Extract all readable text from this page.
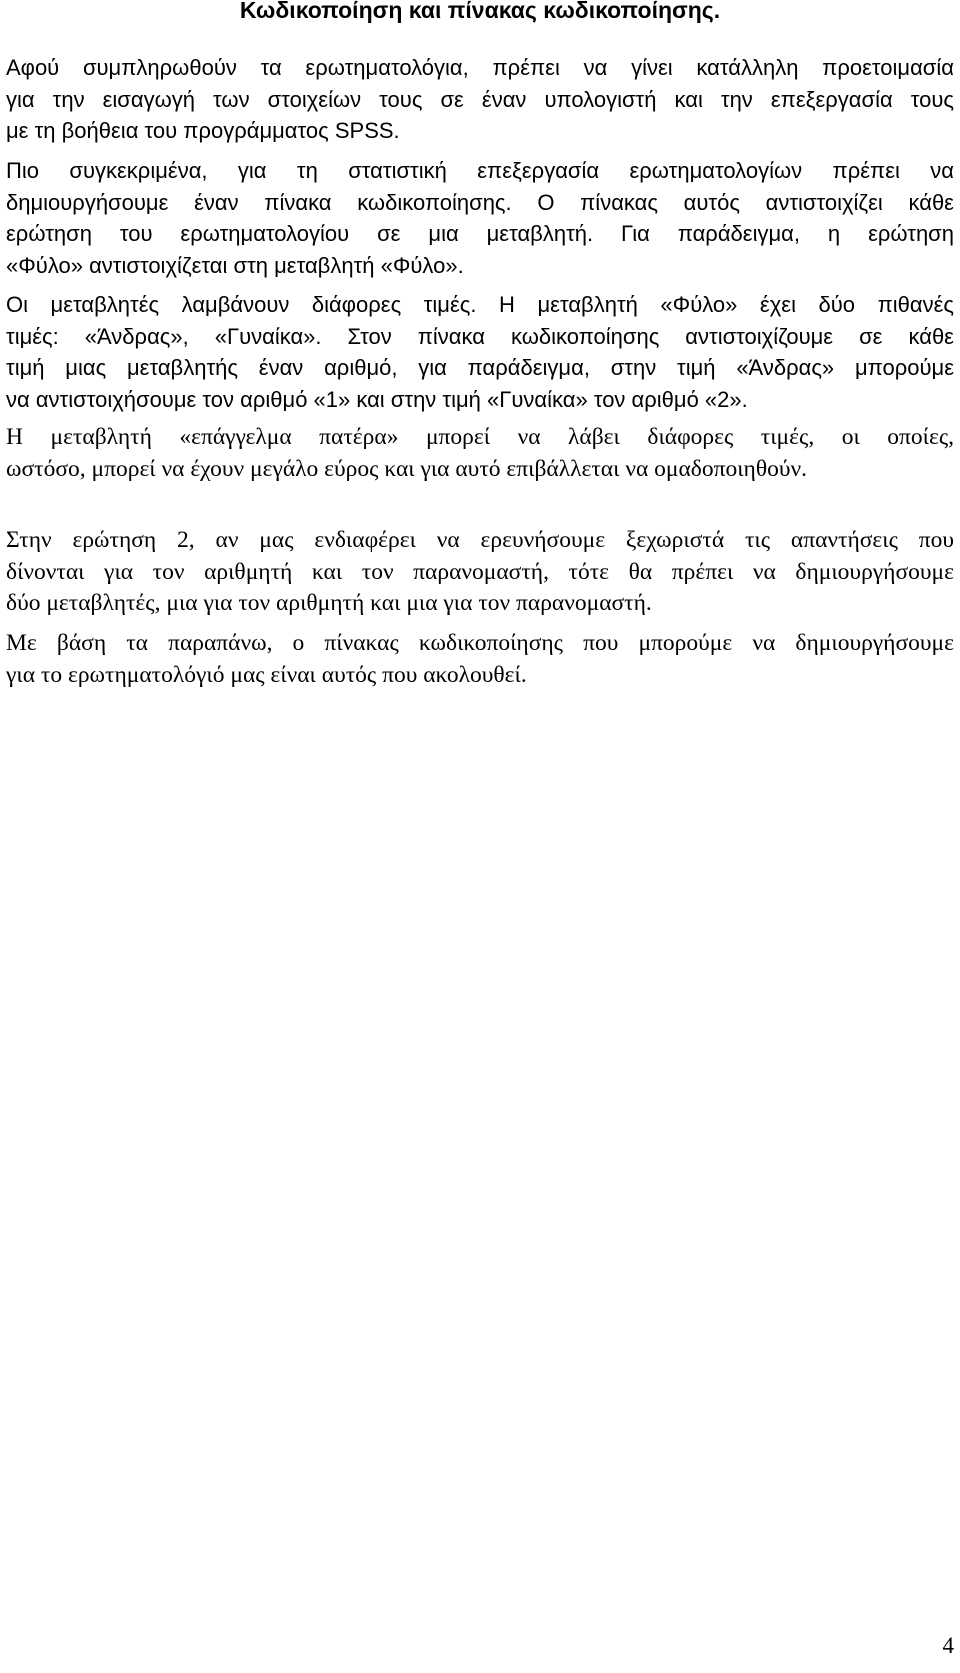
Κωδικοποίηση και πίνακας κωδικοποίησης.

Αφού συμπληρωθούν τα ερωτηματολόγια, πρέπει να γίνει κατάλληλη προετοιμασία
για την εισαγωγή των στοιχείων τους σε έναν υπολογιστή και την επεξεργασία τους
με τη βοήθεια του προγράμματος SPSS.

Πιο συγκεκριμένα, για τη στατιστική επεξεργασία ερωτηματολογίων πρέπει να
δημιουργήσουμε έναν πίνακα κωδικοποίησης. Ο πίνακας αυτός αντιστοιχίζει κάθε
ερώτηση του ερωτηματολογίου σε μια μεταβλητή. Για παράδειγμα, η ερώτηση
«Φύλο» αντιστοιχίζεται στη μεταβλητή «Φύλο».

Οι μεταβλητές λαμβάνουν διάφορες τιμές. Η μεταβλητή «Φύλο» έχει δύο πιθανές
τιμές: «Άνδρας», «Γυναίκα». Στον πίνακα κωδικοποίησης αντιστοιχίζουμε σε κάθε
τιμή μιας μεταβλητής έναν αριθμό, για παράδειγμα, στην τιμή «Άνδρας» μπορούμε
να αντιστοιχήσουμε τον αριθμό «1» και στην τιμή «Γυναίκα» τον αριθμό «2».

Η μεταβλητή «επάγγελμα πατέρα» μπορεί να λάβει διάφορες τιμές, οι οποίες,
ωστόσο, μπορεί να έχουν μεγάλο εύρος και για αυτό επιβάλλεται να ομαδοποιηθούν.

Στην ερώτηση 2, αν μας ενδιαφέρει να ερευνήσουμε ξεχωριστά τις απαντήσεις που
δίνονται για τον αριθμητή και τον παρανομαστή, τότε θα πρέπει να δημιουργήσουμε
δύο μεταβλητές, μια για τον αριθμητή και μια για τον παρανομαστή.

Με βάση τα παραπάνω, ο πίνακας κωδικοποίησης που μπορούμε να δημιουργήσουμε
για το ερωτηματολόγιό μας είναι αυτός που ακολουθεί.

4
